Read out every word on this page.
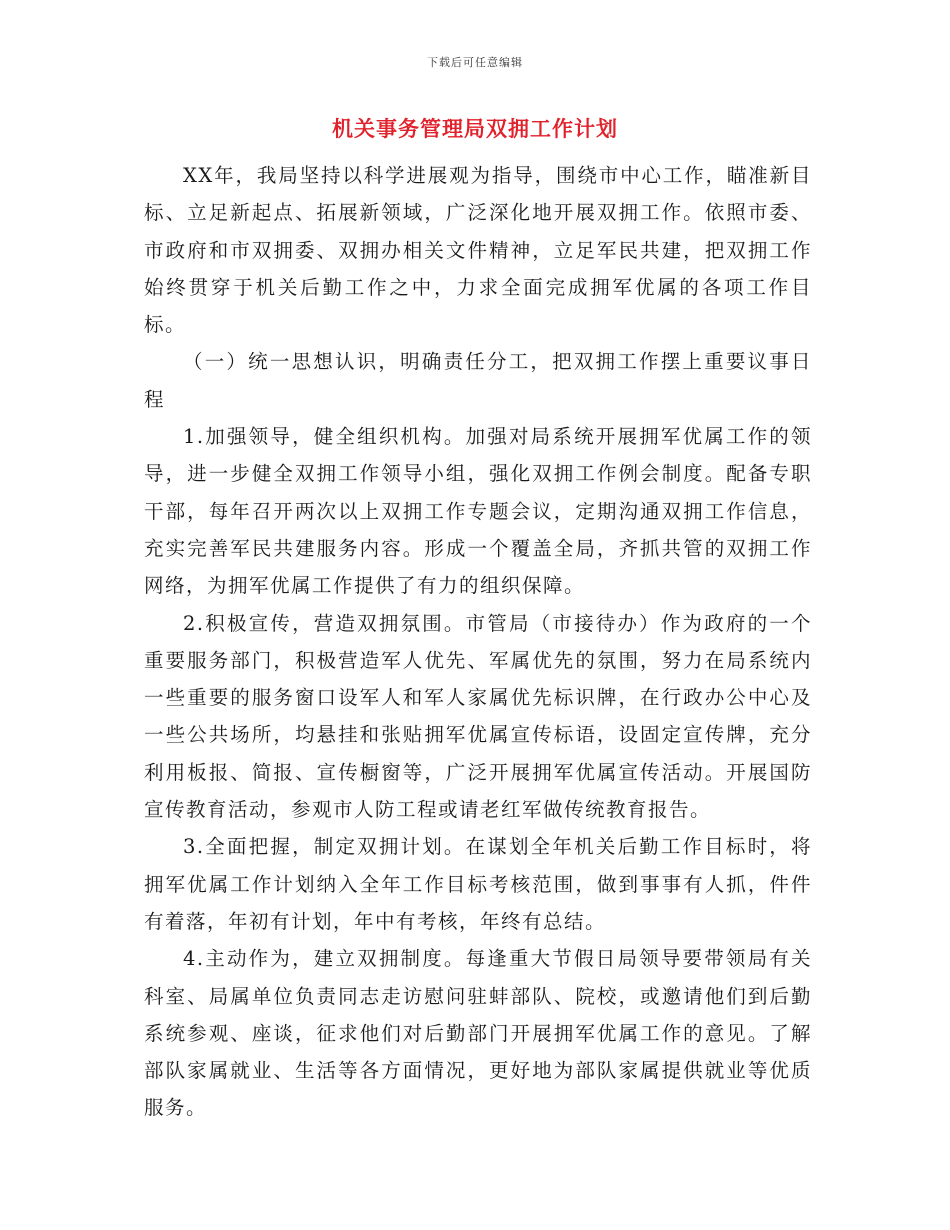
下载后可任意编辑
机关事务管理局双拥工作计划

XX年，我局坚持以科学进展观为指导，围绕市中心工作，瞄准新目标、立足新起点、拓展新领域，广泛深化地开展双拥工作。依照市委、市政府和市双拥委、双拥办相关文件精神，立足军民共建，把双拥工作始终贯穿于机关后勤工作之中，力求全面完成拥军优属的各项工作目标。

（一）统一思想认识，明确责任分工，把双拥工作摆上重要议事日程

1.加强领导，健全组织机构。加强对局系统开展拥军优属工作的领导，进一步健全双拥工作领导小组，强化双拥工作例会制度。配备专职干部，每年召开两次以上双拥工作专题会议，定期沟通双拥工作信息，充实完善军民共建服务内容。形成一个覆盖全局，齐抓共管的双拥工作网络，为拥军优属工作提供了有力的组织保障。

2.积极宣传，营造双拥氛围。市管局（市接待办）作为政府的一个重要服务部门，积极营造军人优先、军属优先的氛围，努力在局系统内一些重要的服务窗口设军人和军人家属优先标识牌，在行政办公中心及一些公共场所，均悬挂和张贴拥军优属宣传标语，设固定宣传牌，充分利用板报、简报、宣传橱窗等，广泛开展拥军优属宣传活动。开展国防宣传教育活动，参观市人防工程或请老红军做传统教育报告。

3.全面把握，制定双拥计划。在谋划全年机关后勤工作目标时，将拥军优属工作计划纳入全年工作目标考核范围，做到事事有人抓，件件有着落，年初有计划，年中有考核，年终有总结。

4.主动作为，建立双拥制度。每逢重大节假日局领导要带领局有关科室、局属单位负责同志走访慰问驻蚌部队、院校，或邀请他们到后勤系统参观、座谈，征求他们对后勤部门开展拥军优属工作的意见。了解部队家属就业、生活等各方面情况，更好地为部队家属提供就业等优质服务。
